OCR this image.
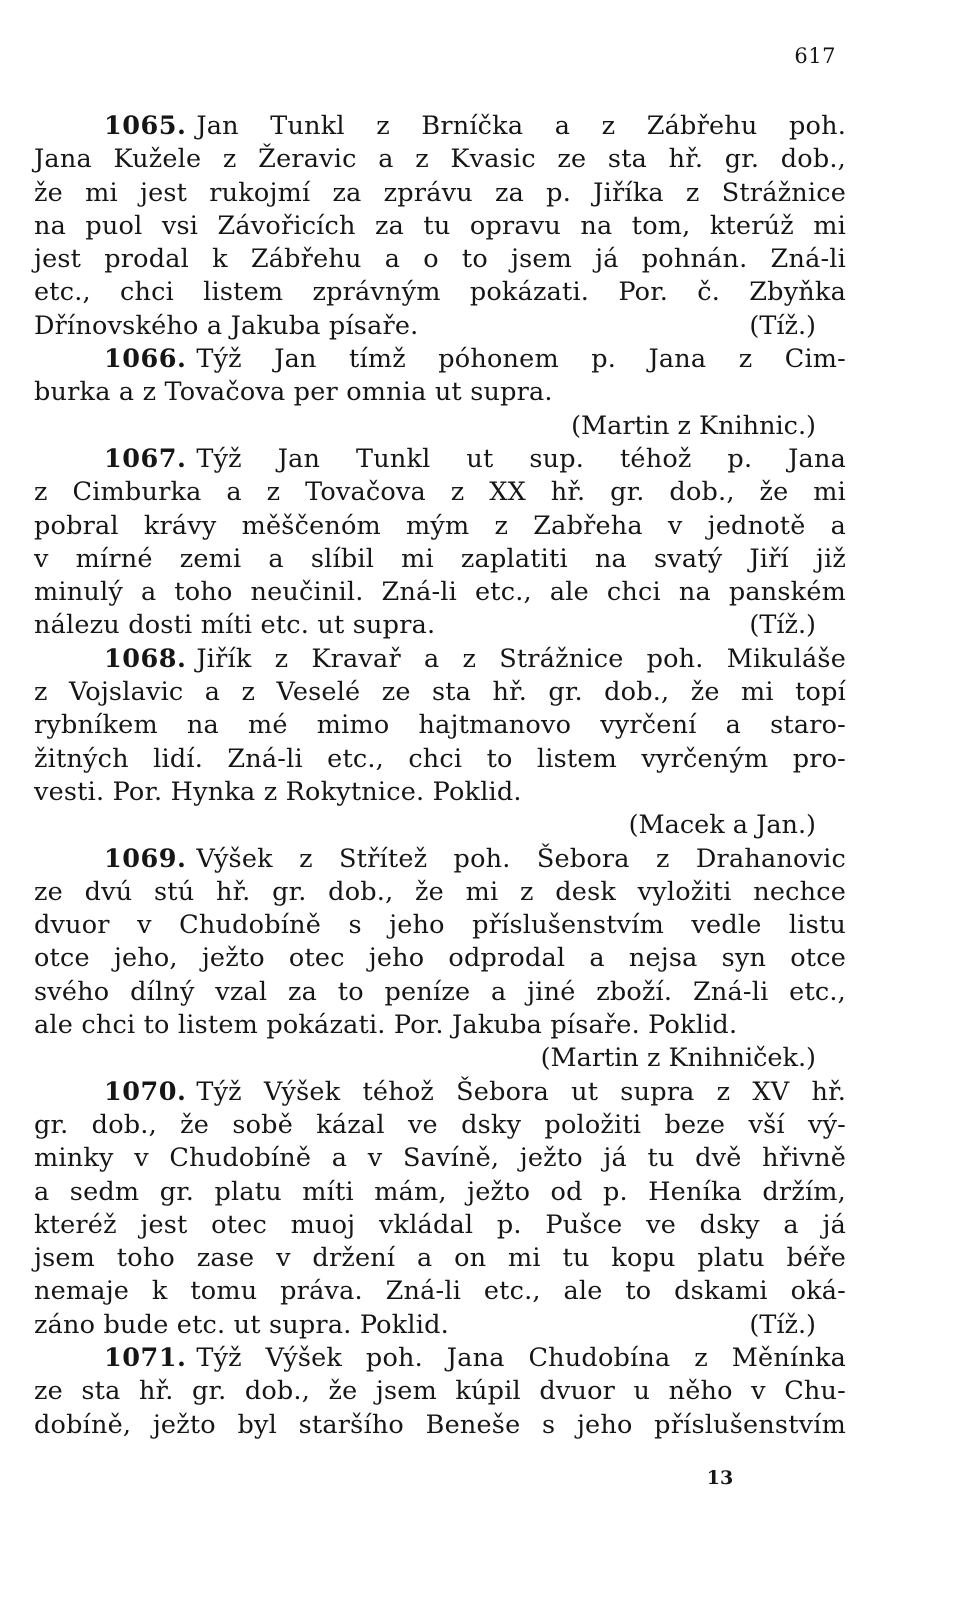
617
1065. Jan Tunkl z Brníčka a z Zábřehu poh.
Jana Kužele z Žeravic a z Kvasic ze sta hř. gr. dob.,
že mi jest rukojmí za zprávu za p. Jiříka z Strážnice
na puol vsi Závořicích za tu opravu na tom, kterúž mi
jest prodal k Zábřehu a o to jsem já pohnán. Zná-li
etc., chci listem zprávným pokázati. Por. č. Zbyňka
Dřínovského a Jakuba písaře.	(Tíž.)
1066. Týž Jan tímž póhonem p. Jana z Cim-
burka a z Tovačova per omnia ut supra.
(Martin z Knihnic.)
1067. Týž Jan Tunkl ut sup. téhož p. Jana
z Cimburka a z Tovačova z XX hř. gr. dob., že mi
pobral krávy měščenóm mým z Zabřeha v jednotě a
v mírné zemi a slíbil mi zaplatiti na svatý Jiří již
minulý a toho neučinil. Zná-li etc., ale chci na panském
nálezu dosti míti etc. ut supra.	(Tíž.)
1068. Jiřík z Kravař a z Strážnice poh. Mikuláše
z Vojslavic a z Veselé ze sta hř. gr. dob., že mi topí
rybníkem na mé mimo hajtmanovo vyrčení a staro-
žitných lidí. Zná-li etc., chci to listem vyrčeným pro-
vesti. Por. Hynka z Rokytnice. Poklid.
(Macek a Jan.)
1069. Výšek z Střítež poh. Šebora z Drahanovic
ze dvú stú hř. gr. dob., že mi z desk vyložiti nechce
dvuor v Chudobíně s jeho příslušenstvím vedle listu
otce jeho, ježto otec jeho odprodal a nejsa syn otce
svého dílný vzal za to peníze a jiné zboží. Zná-li etc.,
ale chci to listem pokázati. Por. Jakuba písaře. Poklid.
(Martin z Knihniček.)
1070. Týž Výšek téhož Šebora ut supra z XV hř.
gr. dob., že sobě kázal ve dsky položiti beze vší vý-
minky v Chudobíně a v Savíně, ježto já tu dvě hřivně
a sedm gr. platu míti mám, ježto od p. Heníka držím,
kteréž jest otec muoj vkládal p. Pušce ve dsky a já
jsem toho zase v držení a on mi tu kopu platu béře
nemaje k tomu práva. Zná-li etc., ale to dskami oká-
záno bude etc. ut supra. Poklid.	(Tíž.)
1071. Týž Výšek poh. Jana Chudobína z Měnínka
ze sta hř. gr. dob., že jsem kúpil dvuor u něho v Chu-
dobíně, ježto byl staršího Beneše s jeho příslušenstvím
13
